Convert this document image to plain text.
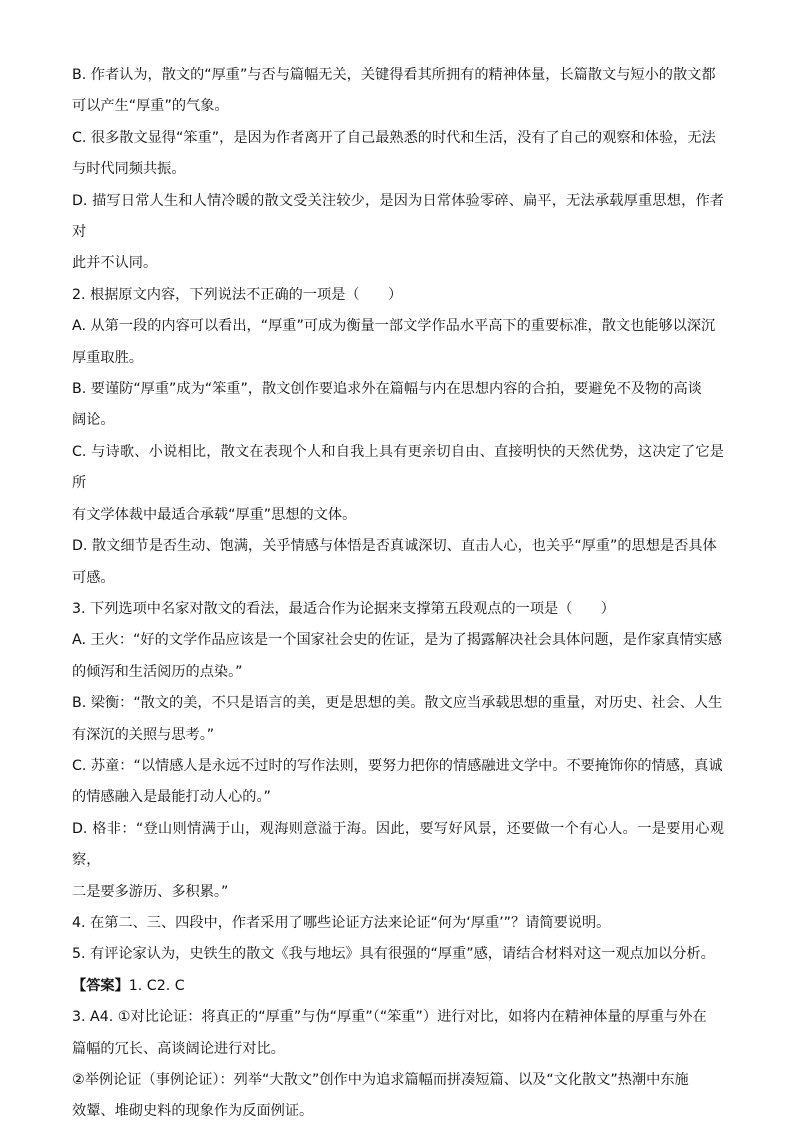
B. 作者认为，散文的“厚重”与否与篇幅无关，关键得看其所拥有的精神体量，长篇散文与短小的散文都
可以产生“厚重”的气象。

C. 很多散文显得“笨重”，是因为作者离开了自己最熟悉的时代和生活，没有了自己的观察和体验，无法
与时代同频共振。

D. 描写日常人生和人情冷暖的散文受关注较少，是因为日常体验零碎、扁平，无法承载厚重思想，作者对
此并不认同。

2. 根据原文内容，下列说法不正确的一项是（　　）

A. 从第一段的内容可以看出，“厚重”可成为衡量一部文学作品水平高下的重要标准，散文也能够以深沉
厚重取胜。

B. 要谨防“厚重”成为“笨重”，散文创作要追求外在篇幅与内在思想内容的合拍，要避免不及物的高谈
阔论。

C. 与诗歌、小说相比，散文在表现个人和自我上具有更亲切自由、直接明快的天然优势，这决定了它是所
有文学体裁中最适合承载“厚重”思想的文体。

D. 散文细节是否生动、饱满，关乎情感与体悟是否真诚深切、直击人心，也关乎“厚重”的思想是否具体
可感。

3. 下列选项中名家对散文的看法，最适合作为论据来支撑第五段观点的一项是（　　）

A. 王火：“好的文学作品应该是一个国家社会史的佐证，是为了揭露解决社会具体问题，是作家真情实感
的倾泻和生活阅历的点染。”

B. 梁衡：“散文的美，不只是语言的美，更是思想的美。散文应当承载思想的重量，对历史、社会、人生
有深沉的关照与思考。”

C. 苏童：“以情感人是永远不过时的写作法则，要努力把你的情感融进文学中。不要掩饰你的情感，真诚
的情感融入是最能打动人心的。”

D. 格非：“登山则情满于山，观海则意溢于海。因此，要写好风景，还要做一个有心人。一是要用心观察，
二是要多游历、多积累。”

4. 在第二、三、四段中，作者采用了哪些论证方法来论证“何为‘厚重’”？请简要说明。

5. 有评论家认为，史铁生的散文《我与地坛》具有很强的“厚重”感，请结合材料对这一观点加以分析。

【答案】1. C2. C

3. A4. ①对比论证：将真正的“厚重”与伪“厚重”（“笨重”）进行对比，如将内在精神体量的厚重与外在
篇幅的冗长、高谈阔论进行对比。

②举例论证（事例论证）：列举“大散文”创作中为追求篇幅而拼凑短篇、以及“文化散文”热潮中东施
效颦、堆砌史料的现象作为反面例证。
